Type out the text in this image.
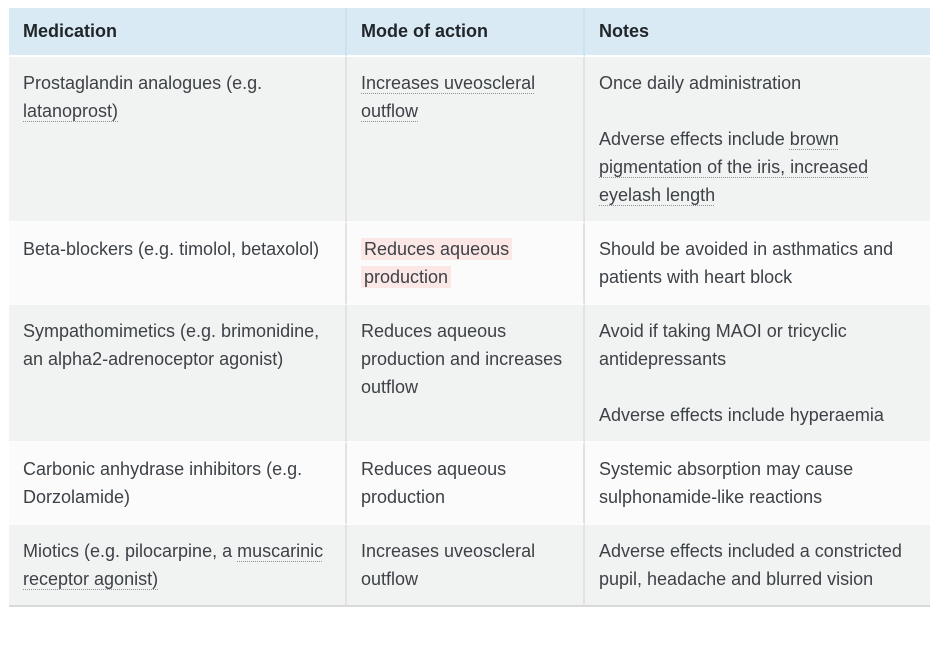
Medication	Mode of action	Notes

Prostaglandin analogues (e.g. latanoprost)	Increases uveoscleral outflow	Once daily administration
Adverse effects include brown pigmentation of the iris, increased eyelash length

Beta-blockers (e.g. timolol, betaxolol)	Reduces aqueous production	Should be avoided in asthmatics and patients with heart block

Sympathomimetics (e.g. brimonidine, an alpha2-adrenoceptor agonist)	Reduces aqueous production and increases outflow	Avoid if taking MAOI or tricyclic antidepressants
Adverse effects include hyperaemia

Carbonic anhydrase inhibitors (e.g. Dorzolamide)	Reduces aqueous production	Systemic absorption may cause sulphonamide-like reactions

Miotics (e.g. pilocarpine, a muscarinic receptor agonist)	Increases uveoscleral outflow	Adverse effects included a constricted pupil, headache and blurred vision
